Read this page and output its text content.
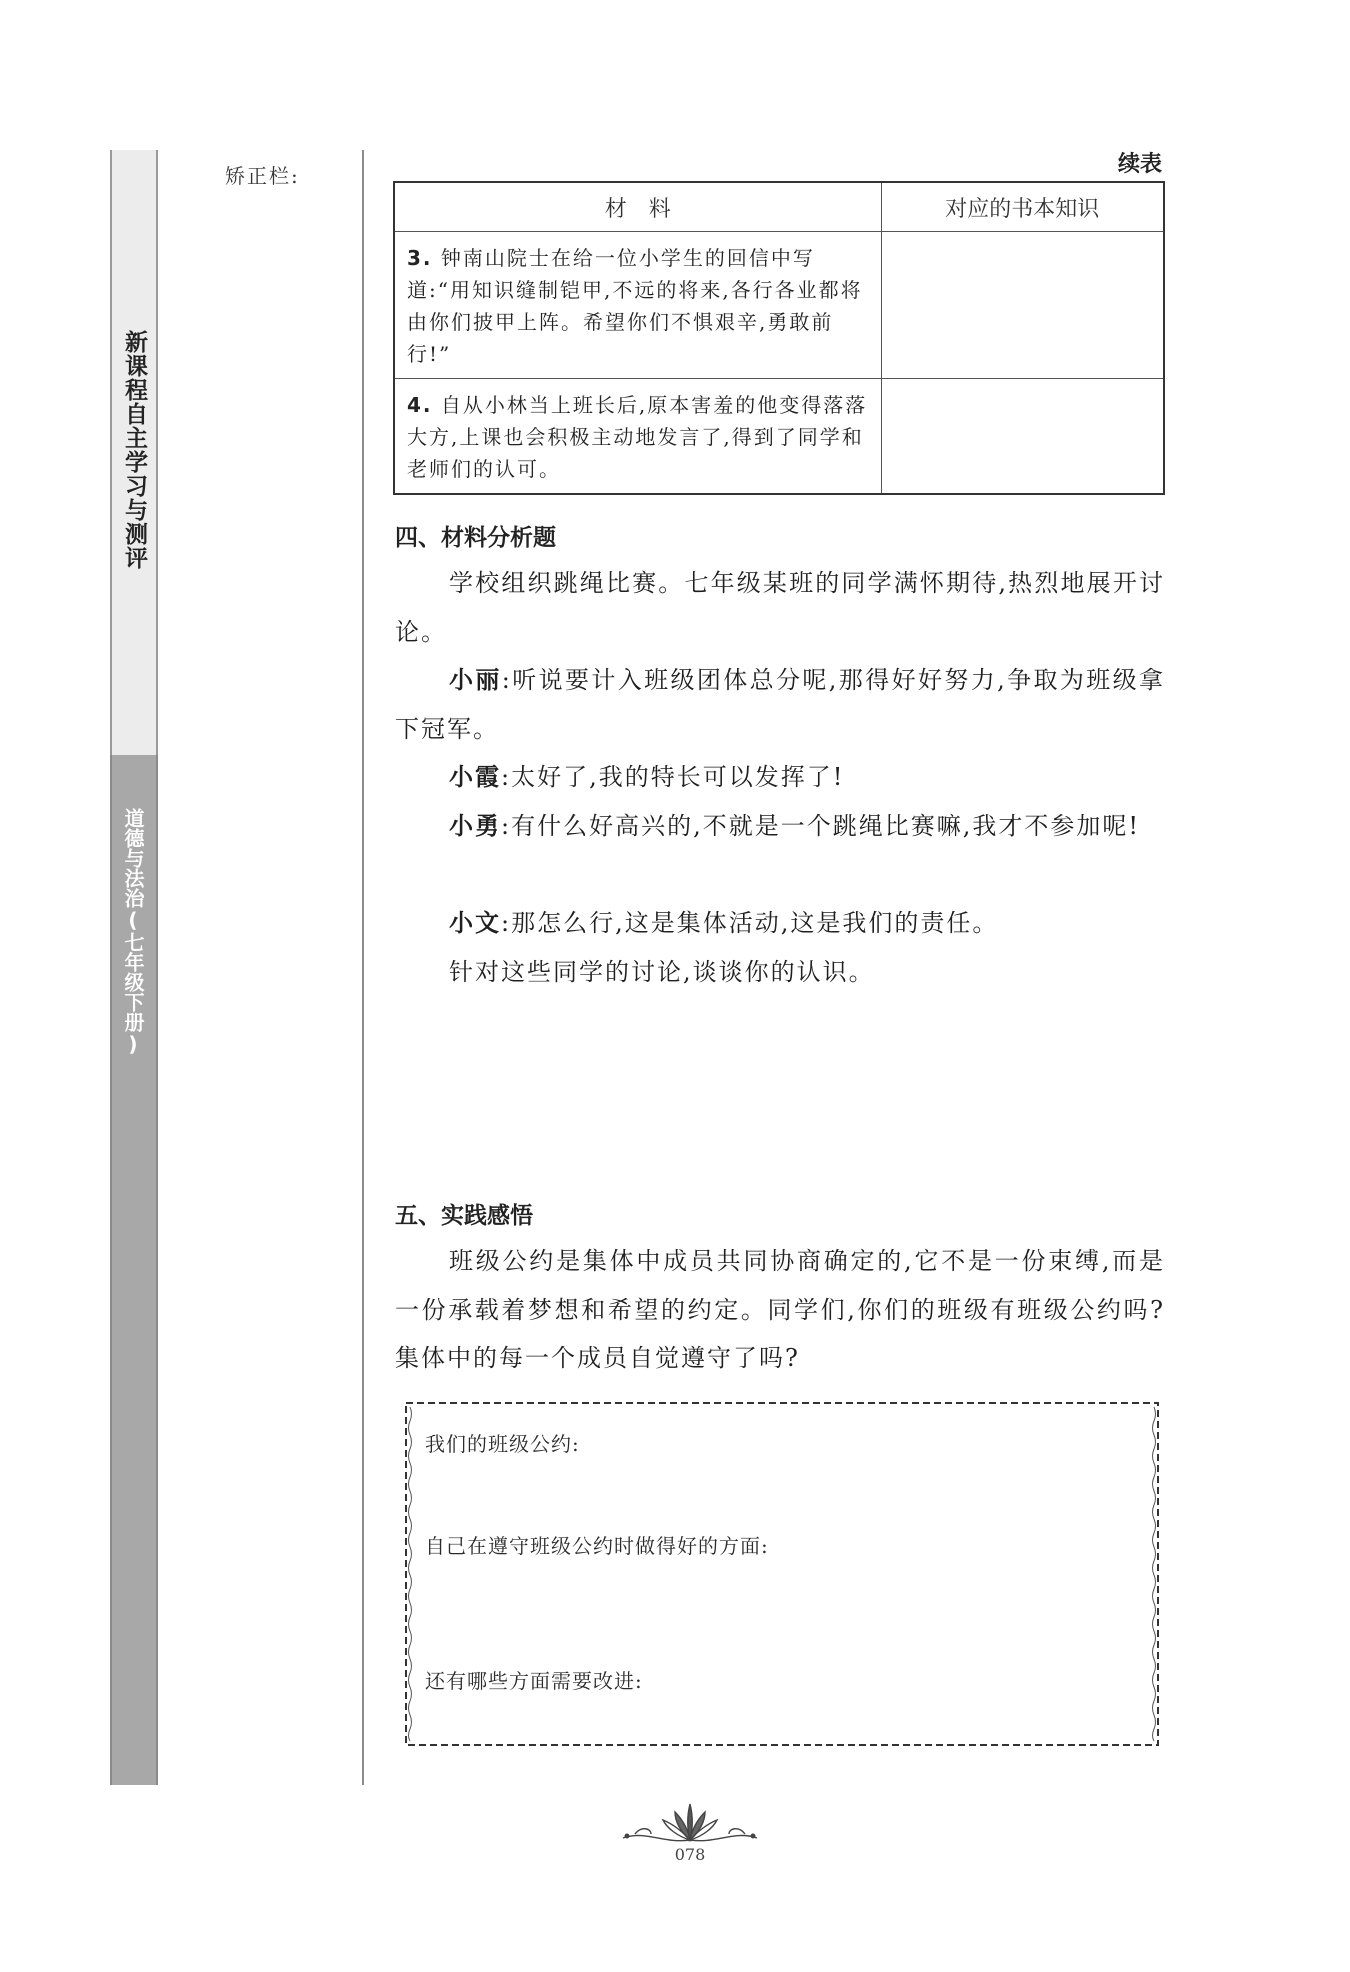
新课程自主学习与测评
道德与法治(七年级下册)
矫正栏:	续表
材　料	对应的书本知识
3. 钟南山院士在给一位小学生的回信中写道:“用知识缝制铠甲,不远的将来,各行各业都将由你们披甲上阵。希望你们不惧艰辛,勇敢前行!”	
4. 自从小林当上班长后,原本害羞的他变得落落大方,上课也会积极主动地发言了,得到了同学和老师们的认可。	
四、材料分析题
学校组织跳绳比赛。七年级某班的同学满怀期待,热烈地展开讨论。
小丽:听说要计入班级团体总分呢,那得好好努力,争取为班级拿下冠军。
小霞:太好了,我的特长可以发挥了!
小勇:有什么好高兴的,不就是一个跳绳比赛嘛,我才不参加呢!
小文:那怎么行,这是集体活动,这是我们的责任。
针对这些同学的讨论,谈谈你的认识。
五、实践感悟
班级公约是集体中成员共同协商确定的,它不是一份束缚,而是一份承载着梦想和希望的约定。同学们,你们的班级有班级公约吗?集体中的每一个成员自觉遵守了吗?
我们的班级公约:
自己在遵守班级公约时做得好的方面:
还有哪些方面需要改进:
078
